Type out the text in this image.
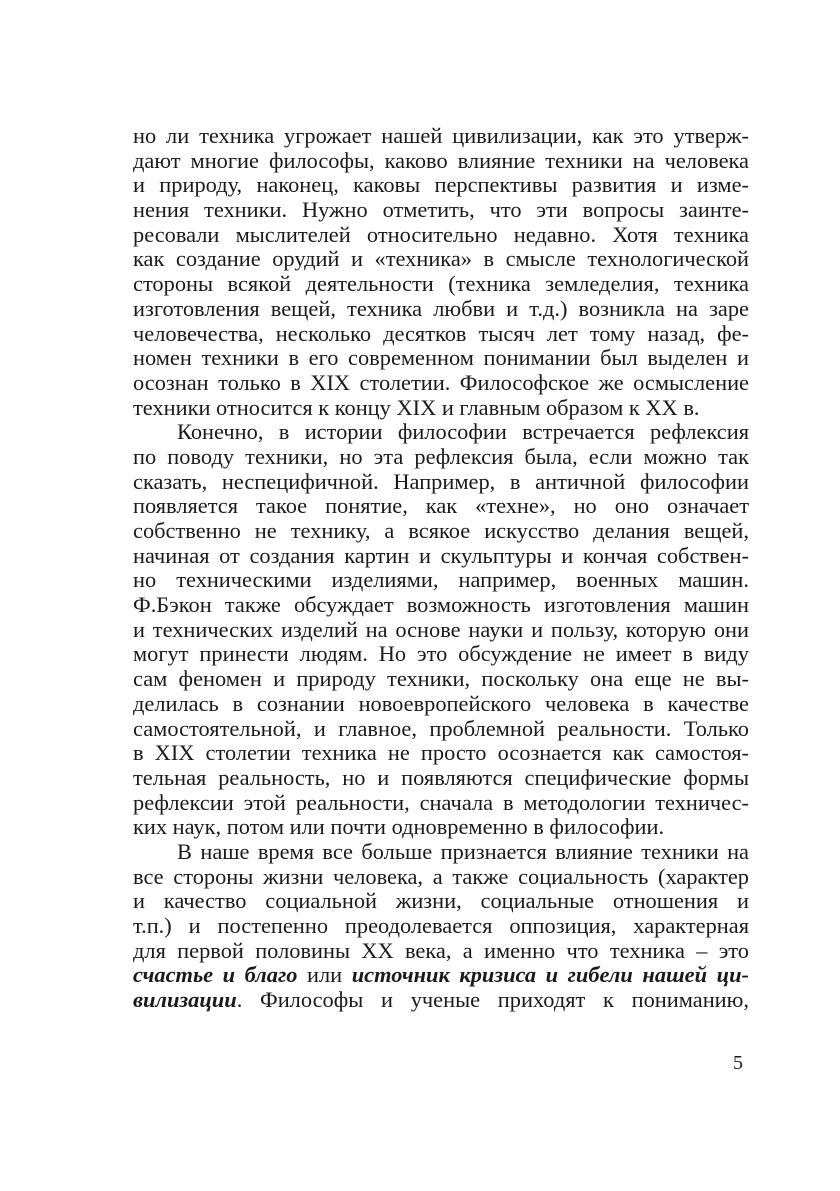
но ли техника угрожает нашей цивилизации, как это утверж-
дают многие философы, каково влияние техники на человека
и природу, наконец, каковы перспективы развития и изме-
нения техники. Нужно отметить, что эти вопросы заинте-
ресовали мыслителей относительно недавно. Хотя техника
как создание орудий и «техника» в смысле технологической
стороны всякой деятельности (техника земледелия, техника
изготовления вещей, техника любви и т.д.) возникла на заре
человечества, несколько десятков тысяч лет тому назад, фе-
номен техники в его современном понимании был выделен и
осознан только в XIX столетии. Философское же осмысление
техники относится к концу XIX и главным образом к XX в.
Конечно, в истории философии встречается рефлексия
по поводу техники, но эта рефлексия была, если можно так
сказать, неспецифичной. Например, в античной философии
появляется такое понятие, как «техне», но оно означает
собственно не технику, а всякое искусство делания вещей,
начиная от создания картин и скульптуры и кончая собствен-
но техническими изделиями, например, военных машин.
Ф.Бэкон также обсуждает возможность изготовления машин
и технических изделий на основе науки и пользу, которую они
могут принести людям. Но это обсуждение не имеет в виду
сам феномен и природу техники, поскольку она еще не вы-
делилась в сознании новоевропейского человека в качестве
самостоятельной, и главное, проблемной реальности. Только
в XIX столетии техника не просто осознается как самостоя-
тельная реальность, но и появляются специфические формы
рефлексии этой реальности, сначала в методологии техничес-
ких наук, потом или почти одновременно в философии.
В наше время все больше признается влияние техники на
все стороны жизни человека, а также социальность (характер
и качество социальной жизни, социальные отношения и
т.п.) и постепенно преодолевается оппозиция, характерная
для первой половины XX века, а именно что техника – это
счастье и благо или источник кризиса и гибели нашей ци-
вилизации. Философы и ученые приходят к пониманию,
5
